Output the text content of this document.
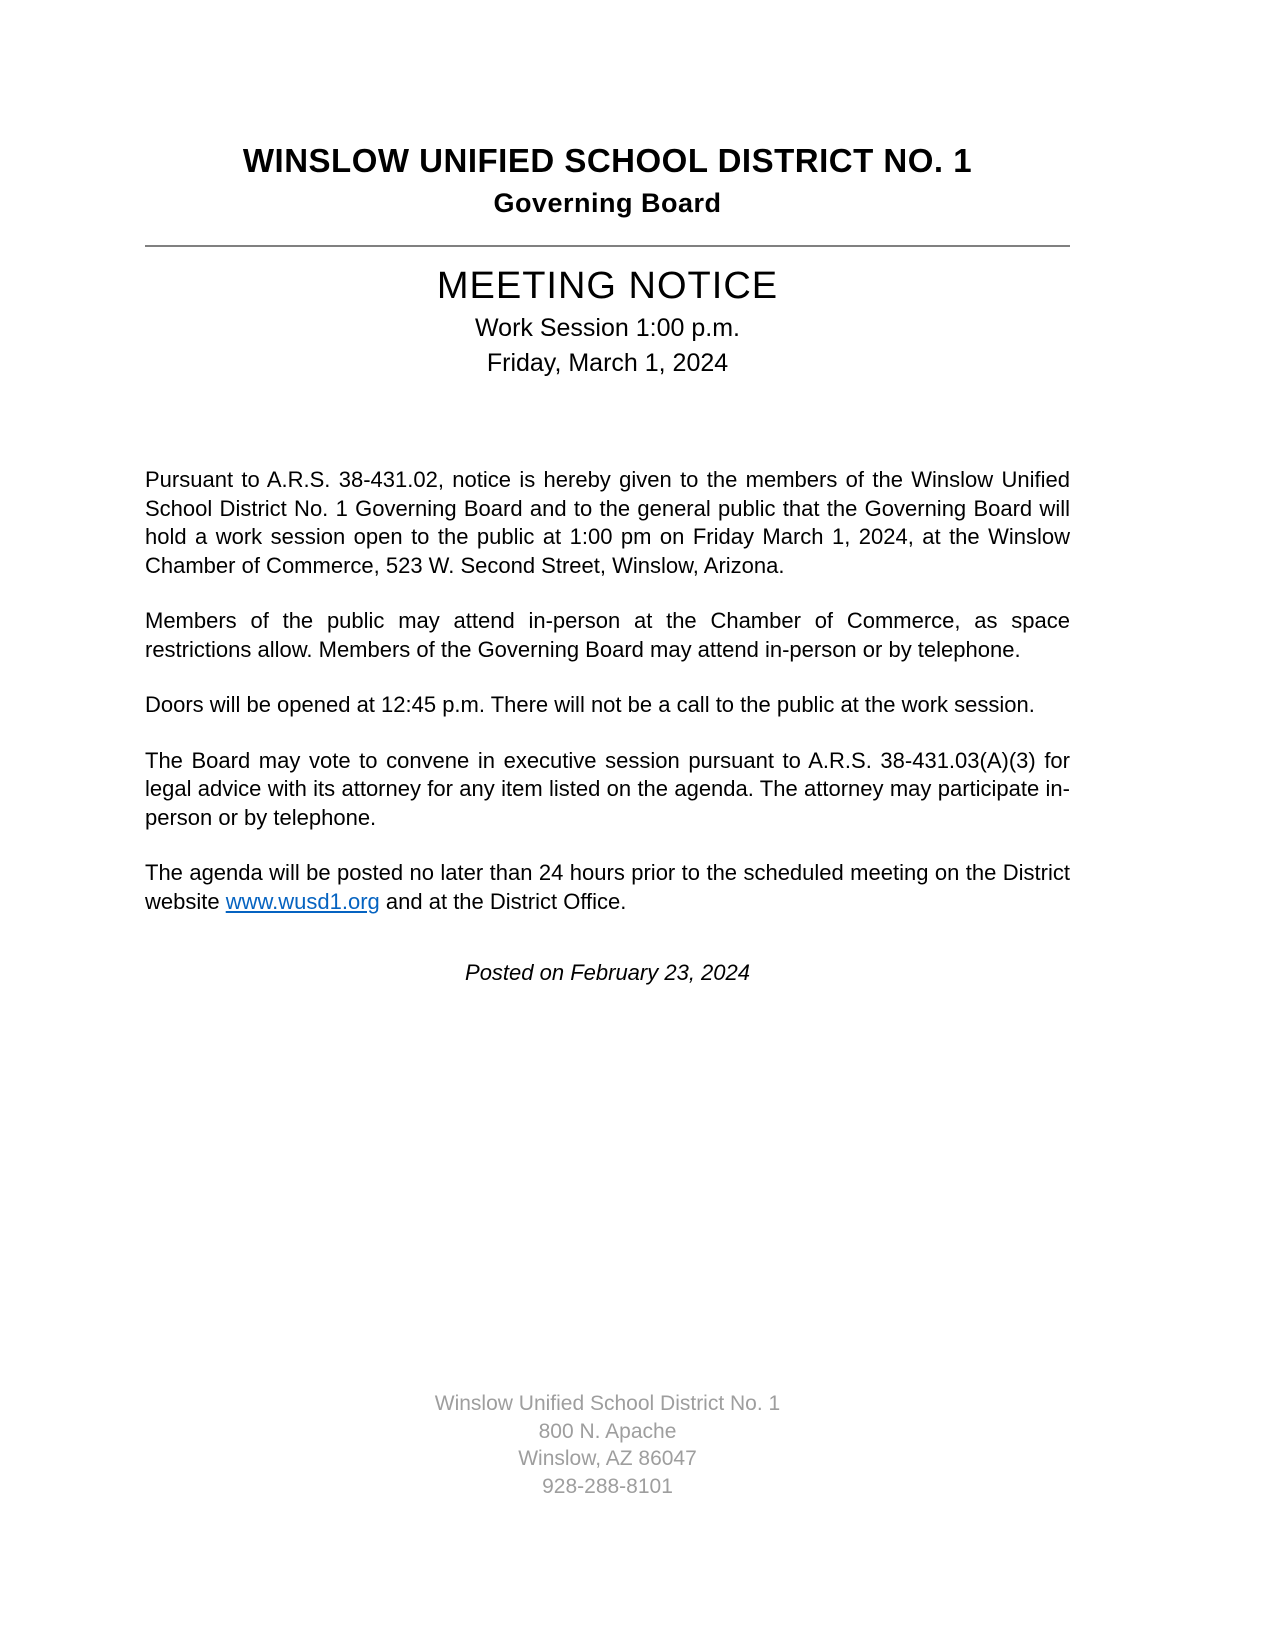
WINSLOW UNIFIED SCHOOL DISTRICT NO. 1
Governing Board
MEETING NOTICE
Work Session 1:00 p.m.
Friday, March 1, 2024

Pursuant to A.R.S. 38-431.02, notice is hereby given to the members of the Winslow Unified School District No. 1 Governing Board and to the general public that the Governing Board will hold a work session open to the public at 1:00 pm on Friday March 1, 2024, at the Winslow Chamber of Commerce, 523 W. Second Street, Winslow, Arizona.

Members of the public may attend in-person at the Chamber of Commerce, as space restrictions allow. Members of the Governing Board may attend in-person or by telephone.

Doors will be opened at 12:45 p.m. There will not be a call to the public at the work session.

The Board may vote to convene in executive session pursuant to A.R.S. 38-431.03(A)(3) for legal advice with its attorney for any item listed on the agenda. The attorney may participate in-person or by telephone.

The agenda will be posted no later than 24 hours prior to the scheduled meeting on the District website www.wusd1.org and at the District Office.

Posted on February 23, 2024
Winslow Unified School District No. 1
800 N. Apache
Winslow, AZ 86047
928-288-8101
